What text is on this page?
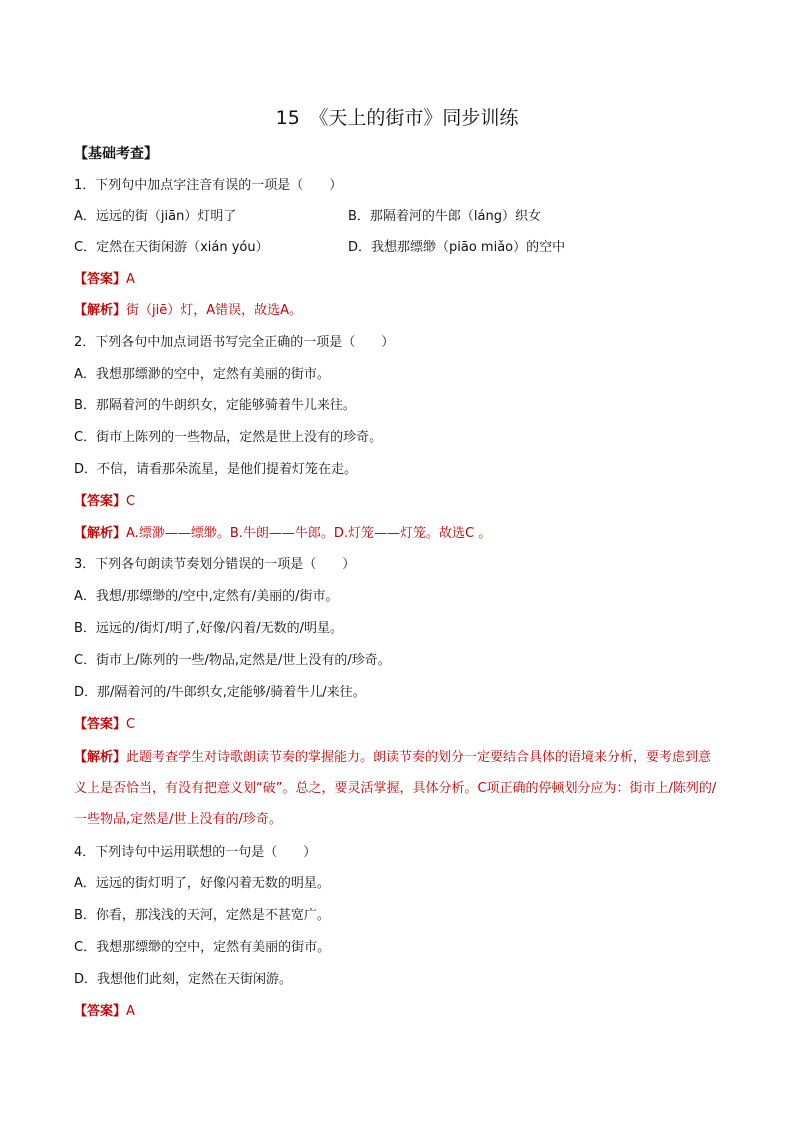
15　《天上的街市》同步训练
【基础考查】
1．下列句中加点字注音有误的一项是（　　）
A．远远的街（jiān）灯明了	B．那隔着河的牛郎（láng）织女
C．定然在天街闲游（xián yóu）	D．我想那缥缈（piāo miǎo）的空中
【答案】A
【解析】街（jiē）灯，A错误，故选A。
2．下列各句中加点词语书写完全正确的一项是（　　）
A．我想那缥渺的空中，定然有美丽的街市。
B．那隔着河的牛朗织女，定能够骑着牛儿来往。
C．街市上陈列的一些物品，定然是世上没有的珍奇。
D．不信，请看那朵流星，是他们提着灯笼在走。
【答案】C
【解析】A.缥渺——缥缈。B.牛朗——牛郎。D.灯笼——灯笼。故选C 。
3．下列各句朗读节奏划分错误的一项是（　　）
A．我想/那缥缈的/空中,定然有/美丽的/街市。
B．远远的/街灯/明了,好像/闪着/无数的/明星。
C．街市上/陈列的一些/物品,定然是/世上没有的/珍奇。
D．那/隔着河的/牛郎织女,定能够/骑着牛儿/来往。
【答案】C
【解析】此题考查学生对诗歌朗读节奏的掌握能力。朗读节奏的划分一定要结合具体的语境来分析，要考虑到意义上是否恰当，有没有把意义划“破”。总之，要灵活掌握，具体分析。C项正确的停顿划分应为：街市上/陈列的/一些物品,定然是/世上没有的/珍奇。
4．下列诗句中运用联想的一句是（　　）
A．远远的街灯明了，好像闪着无数的明星。
B．你看，那浅浅的天河，定然是不甚宽广。
C．我想那缥缈的空中，定然有美丽的街市。
D．我想他们此刻，定然在天街闲游。
【答案】A
